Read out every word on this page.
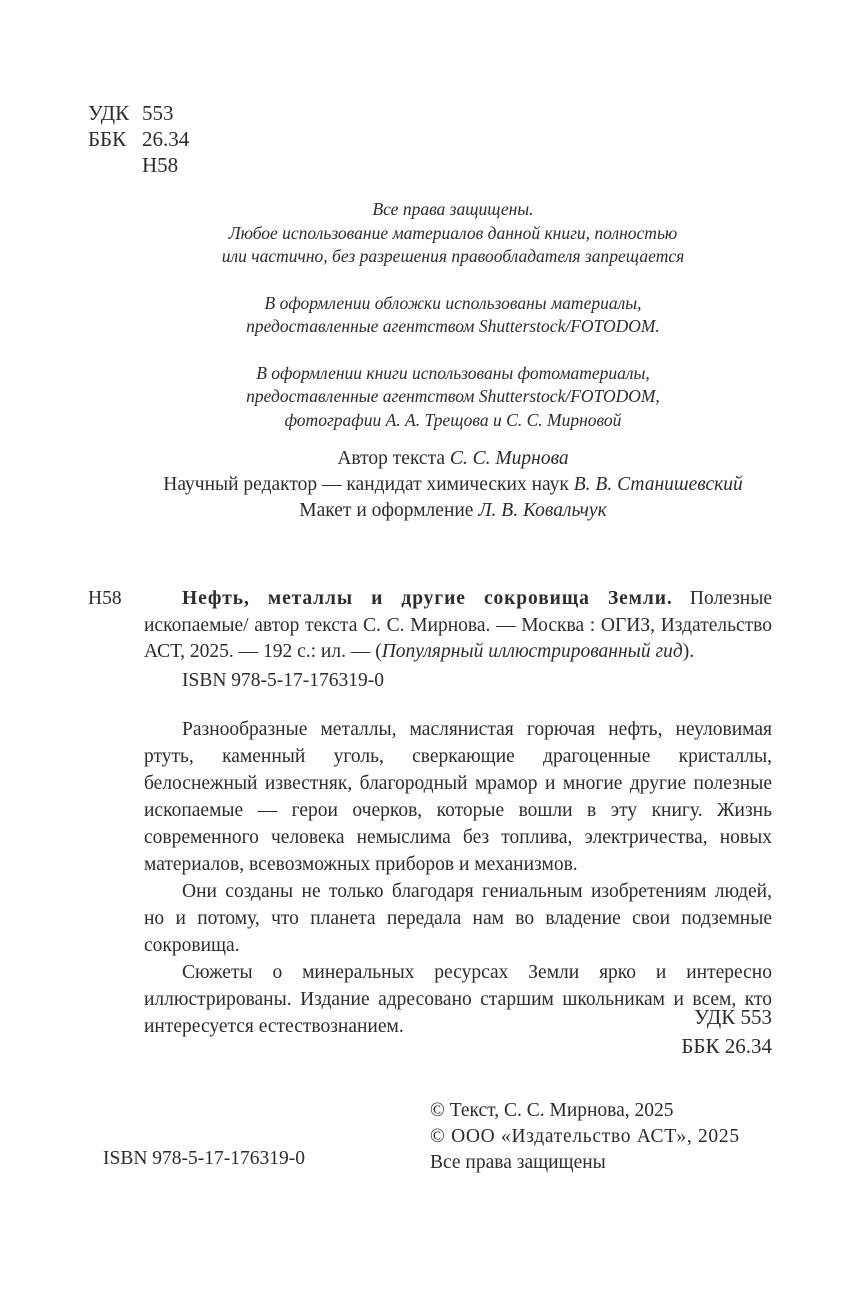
УДК 553
ББК 26.34
Н58
Все права защищены.
Любое использование материалов данной книги, полностью
или частично, без разрешения правообладателя запрещается
В оформлении обложки использованы материалы,
предоставленные агентством Shutterstock/FOTODOM.
В оформлении книги использованы фотоматериалы,
предоставленные агентством Shutterstock/FOTODOM,
фотографии А. А. Трещова и С. С. Мирновой
Автор текста С. С. Мирнова
Научный редактор — кандидат химических наук В. В. Станишевский
Макет и оформление Л. В. Ковальчук
Н58	Нефть, металлы и другие сокровища Земли. Полезные ископаемые/ автор текста С. С. Мирнова. — Москва : ОГИЗ, Издательство АСТ, 2025. — 192 с.: ил. — (Популярный иллюстрированный гид).
ISBN 978-5-17-176319-0

Разнообразные металлы, маслянистая горючая нефть, неуловимая ртуть, каменный уголь, сверкающие драгоценные кристаллы, белоснежный известняк, благородный мрамор и многие другие полезные ископаемые — герои очерков, которые вошли в эту книгу. Жизнь современного человека немыслима без топлива, электричества, новых материалов, всевозможных приборов и механизмов.

Они созданы не только благодаря гениальным изобретениям людей, но и потому, что планета передала нам во владение свои подземные сокровища.

Сюжеты о минеральных ресурсах Земли ярко и интересно иллюстрированы. Издание адресовано старшим школьникам и всем, кто интересуется естествознанием.	УДК 553
ББК 26.34
© Текст, С. С. Мирнова, 2025
© ООО «Издательство АСТ», 2025
Все права защищены
ISBN 978-5-17-176319-0
